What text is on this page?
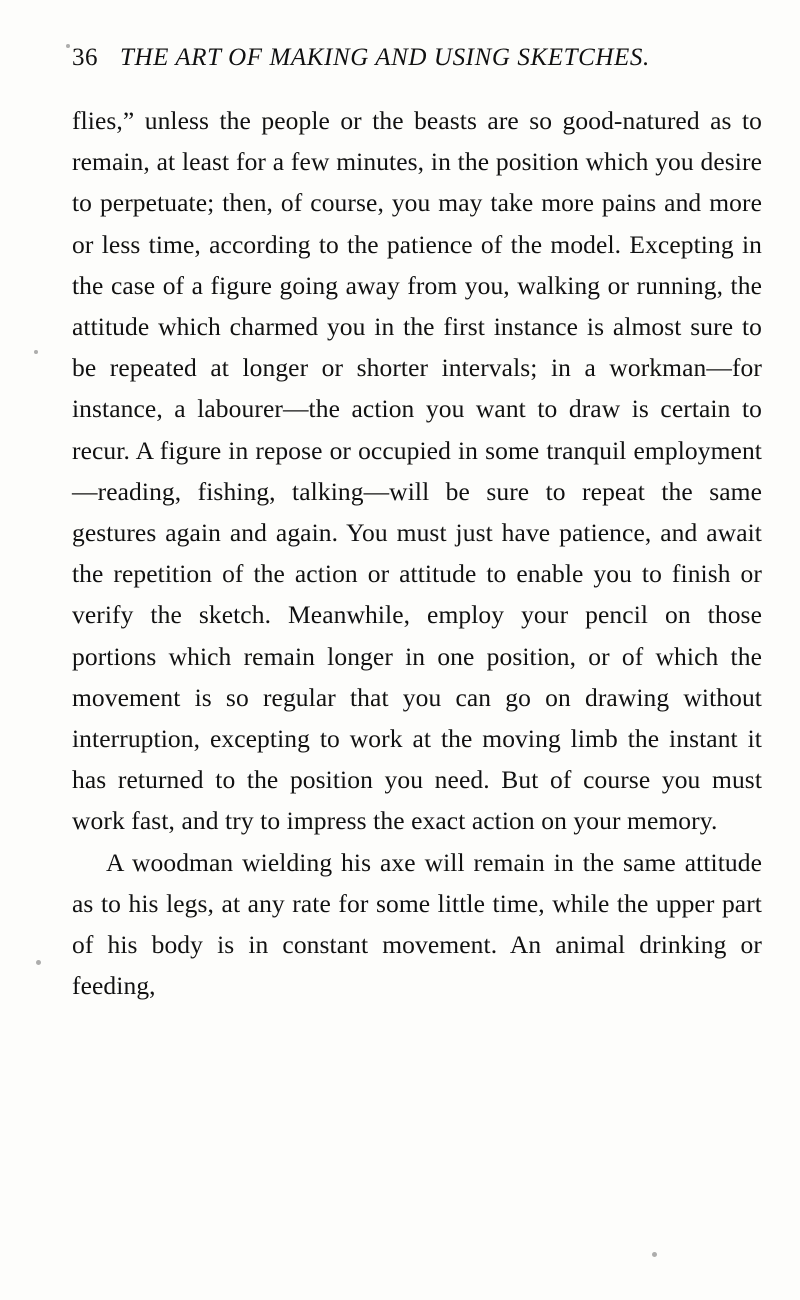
36 THE ART OF MAKING AND USING SKETCHES.

flies,” unless the people or the beasts are so good-natured as to remain, at least for a few minutes, in the position which you desire to perpetuate; then, of course, you may take more pains and more or less time, according to the patience of the model. Excepting in the case of a figure going away from you, walking or running, the attitude which charmed you in the first instance is almost sure to be repeated at longer or shorter intervals; in a workman—for instance, a labourer—the action you want to draw is certain to recur. A figure in repose or occupied in some tranquil employment—reading, fishing, talking—will be sure to repeat the same gestures again and again. You must just have patience, and await the repetition of the action or attitude to enable you to finish or verify the sketch. Meanwhile, employ your pencil on those portions which remain longer in one position, or of which the movement is so regular that you can go on drawing without interruption, excepting to work at the moving limb the instant it has returned to the position you need. But of course you must work fast, and try to impress the exact action on your memory.

A woodman wielding his axe will remain in the same attitude as to his legs, at any rate for some little time, while the upper part of his body is in constant movement. An animal drinking or feeding,
